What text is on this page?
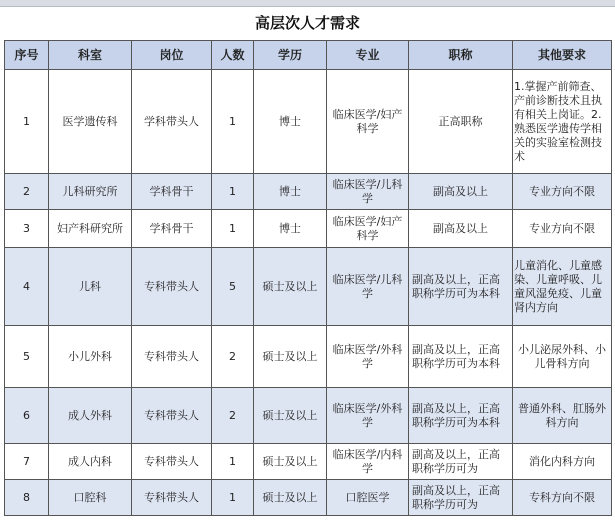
高层次人才需求
序号	科室	岗位	人数	学历	专业	职称	其他要求
1	医学遗传科	学科带头人	1	博士	临床医学/妇产科学	正高职称	1.掌握产前筛查、产前诊断技术且执有相关上岗证。2.熟悉医学遗传学相关的实验室检测技术
2	儿科研究所	学科骨干	1	博士	临床医学/儿科学	副高及以上	专业方向不限
3	妇产科研究所	学科骨干	1	博士	临床医学/妇产科学	副高及以上	专业方向不限
4	儿科	专科带头人	5	硕士及以上	临床医学/儿科学	副高及以上，正高职称学历可为本科	儿童消化、儿童感染、儿童呼吸、儿童风湿免疫、儿童肾内方向
5	小儿外科	专科带头人	2	硕士及以上	临床医学/外科学	副高及以上，正高职称学历可为本科	小儿泌尿外科、小儿骨科方向
6	成人外科	专科带头人	2	硕士及以上	临床医学/外科学	副高及以上，正高职称学历可为本科	普通外科、肛肠外科方向
7	成人内科	专科带头人	1	硕士及以上	临床医学/内科学	副高及以上，正高职称学历可为	消化内科方向
8	口腔科	专科带头人	1	硕士及以上	口腔医学	副高及以上，正高职称学历可为	专科方向不限
